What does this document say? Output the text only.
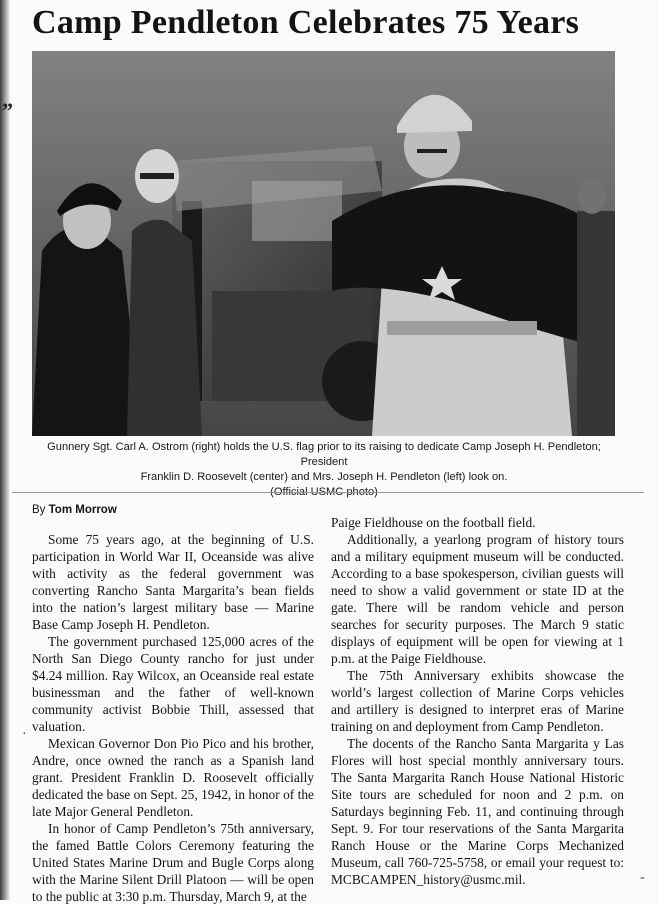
”
Camp Pendleton Celebrates 75 Years
Gunnery Sgt. Carl A. Ostrom (right) holds the U.S. flag prior to its raising to dedicate Camp Joseph H. Pendleton; President
Franklin D. Roosevelt (center) and Mrs. Joseph H. Pendleton (left) look on.
(Official USMC photo)
By Tom Morrow

Some 75 years ago, at the beginning of U.S. participation in World War II, Oceanside was alive with activity as the federal government was converting Rancho Santa Margarita’s bean fields into the nation’s largest military base — Marine Base Camp Joseph H. Pendleton.

The government purchased 125,000 acres of the North San Diego County rancho for just under $4.24 million. Ray Wilcox, an Oceanside real estate businessman and the father of well-known community activist Bobbie Thill, assessed that valuation.

Mexican Governor Don Pio Pico and his brother, Andre, once owned the ranch as a Spanish land grant. President Franklin D. Roosevelt officially dedicated the base on Sept. 25, 1942, in honor of the late Major General Pendleton.

In honor of Camp Pendleton’s 75th anniversary, the famed Battle Colors Ceremony featuring the United States Marine Drum and Bugle Corps along with the Marine Silent Drill Platoon — will be open to the public at 3:30 p.m. Thursday, March 9, at the

Paige Fieldhouse on the football field.

Additionally, a yearlong program of history tours and a military equipment museum will be conducted. According to a base spokesperson, civilian guests will need to show a valid government or state ID at the gate. There will be random vehicle and person searches for security purposes. The March 9 static displays of equipment will be open for viewing at 1 p.m. at the Paige Fieldhouse.

The 75th Anniversary exhibits showcase the world’s largest collection of Marine Corps vehicles and artillery is designed to interpret eras of Marine training on and deployment from Camp Pendleton.

The docents of the Rancho Santa Margarita y Las Flores will host special monthly anniversary tours. The Santa Margarita Ranch House National Historic Site tours are scheduled for noon and 2 p.m. on Saturdays beginning Feb. 11, and continuing through Sept. 9. For tour reservations of the Santa Margarita Ranch House or the Marine Corps Mechanized Museum, call 760-725-5758, or email your request to: MCBCAMPEN_history@usmc.mil.

·
-
